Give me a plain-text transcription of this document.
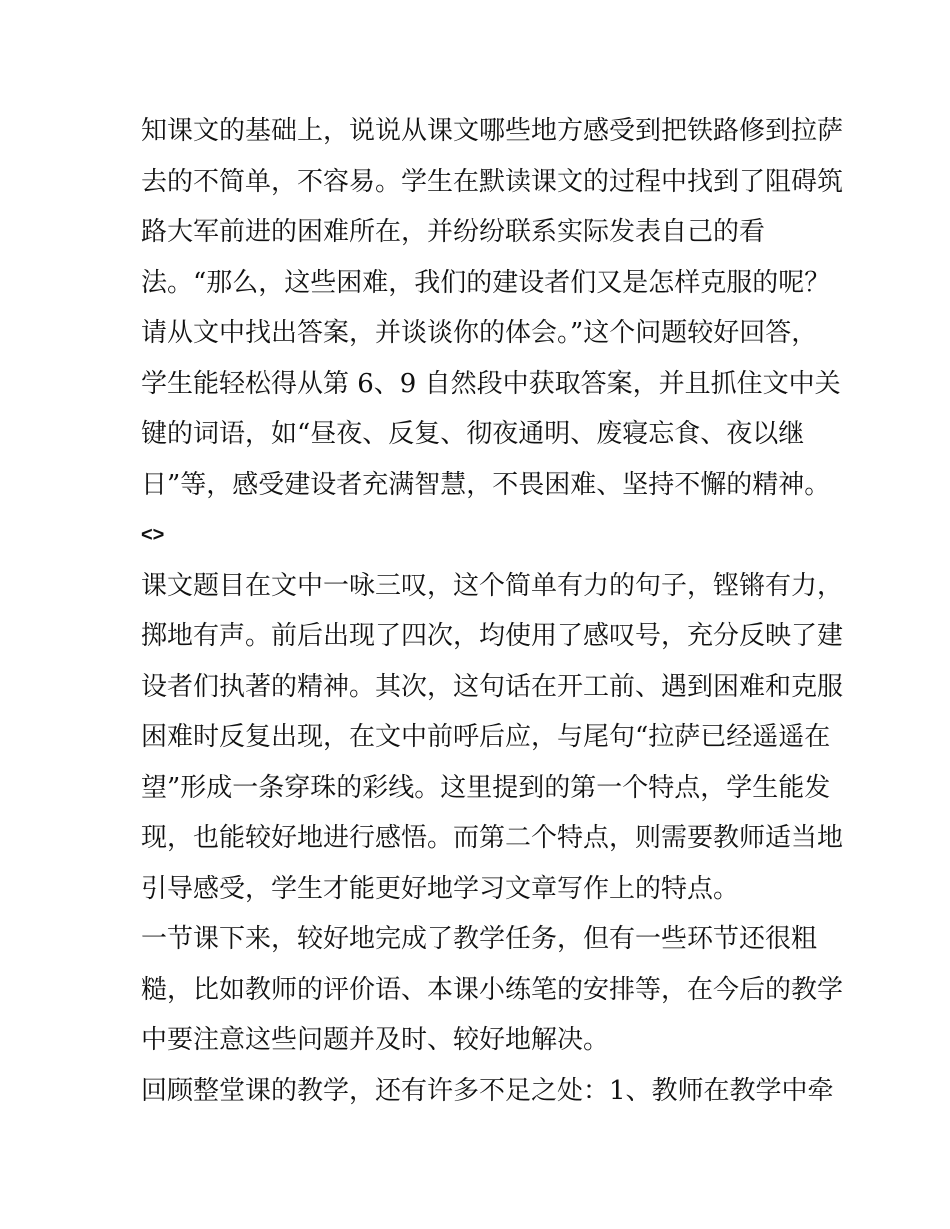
知课文的基础上，说说从课文哪些地方感受到把铁路修到拉萨
去的不简单，不容易。学生在默读课文的过程中找到了阻碍筑
路大军前进的困难所在，并纷纷联系实际发表自己的看
法。“那么，这些困难，我们的建设者们又是怎样克服的呢？
请从文中找出答案，并谈谈你的体会。”这个问题较好回答，
学生能轻松得从第 6、9 自然段中获取答案，并且抓住文中关
键的词语，如“昼夜、反复、彻夜通明、废寝忘食、夜以继
日”等，感受建设者充满智慧，不畏困难、坚持不懈的精神。
<>
课文题目在文中一咏三叹，这个简单有力的句子，铿锵有力，
掷地有声。前后出现了四次，均使用了感叹号，充分反映了建
设者们执著的精神。其次，这句话在开工前、遇到困难和克服
困难时反复出现，在文中前呼后应，与尾句“拉萨已经遥遥在
望”形成一条穿珠的彩线。这里提到的第一个特点，学生能发
现，也能较好地进行感悟。而第二个特点，则需要教师适当地
引导感受，学生才能更好地学习文章写作上的特点。
一节课下来，较好地完成了教学任务，但有一些环节还很粗
糙，比如教师的评价语、本课小练笔的安排等，在今后的教学
中要注意这些问题并及时、较好地解决。
回顾整堂课的教学，还有许多不足之处：1、教师在教学中牵
